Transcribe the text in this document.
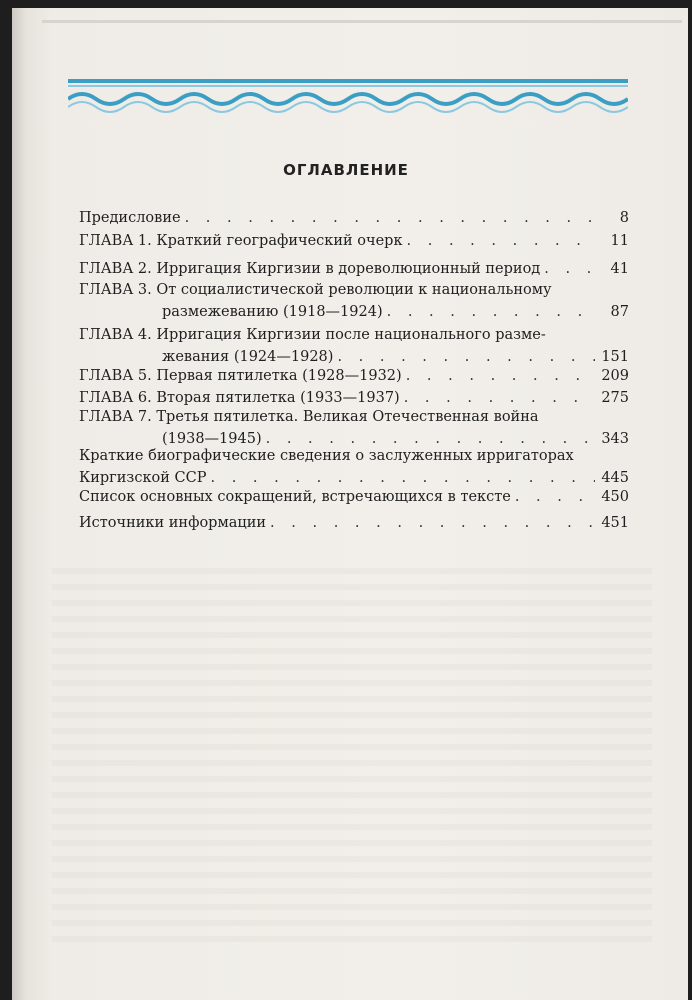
ОГЛАВЛЕНИЕ
Предисловие . . .	8
ГЛАВА 1. Краткий географический очерк . . .	11
ГЛАВА 2. Ирригация Киргизии в дореволюционный период . . .	41
ГЛАВА 3. От социалистической революции к национальному
размежеванию (1918—1924) . . .	87
ГЛАВА 4. Ирригация Киргизии после национального разме-
жевания (1924—1928) . . .	151
ГЛАВА 5. Первая пятилетка (1928—1932) . . .	209
ГЛАВА 6. Вторая пятилетка (1933—1937) . . .	275
ГЛАВА 7. Третья пятилетка. Великая Отечественная война
(1938—1945) . . .	343
Краткие биографические сведения о заслуженных ирригаторах
Киргизской ССР . . .	445
Список основных сокращений, встречающихся в тексте . . .	450
Источники информации . . .	451
